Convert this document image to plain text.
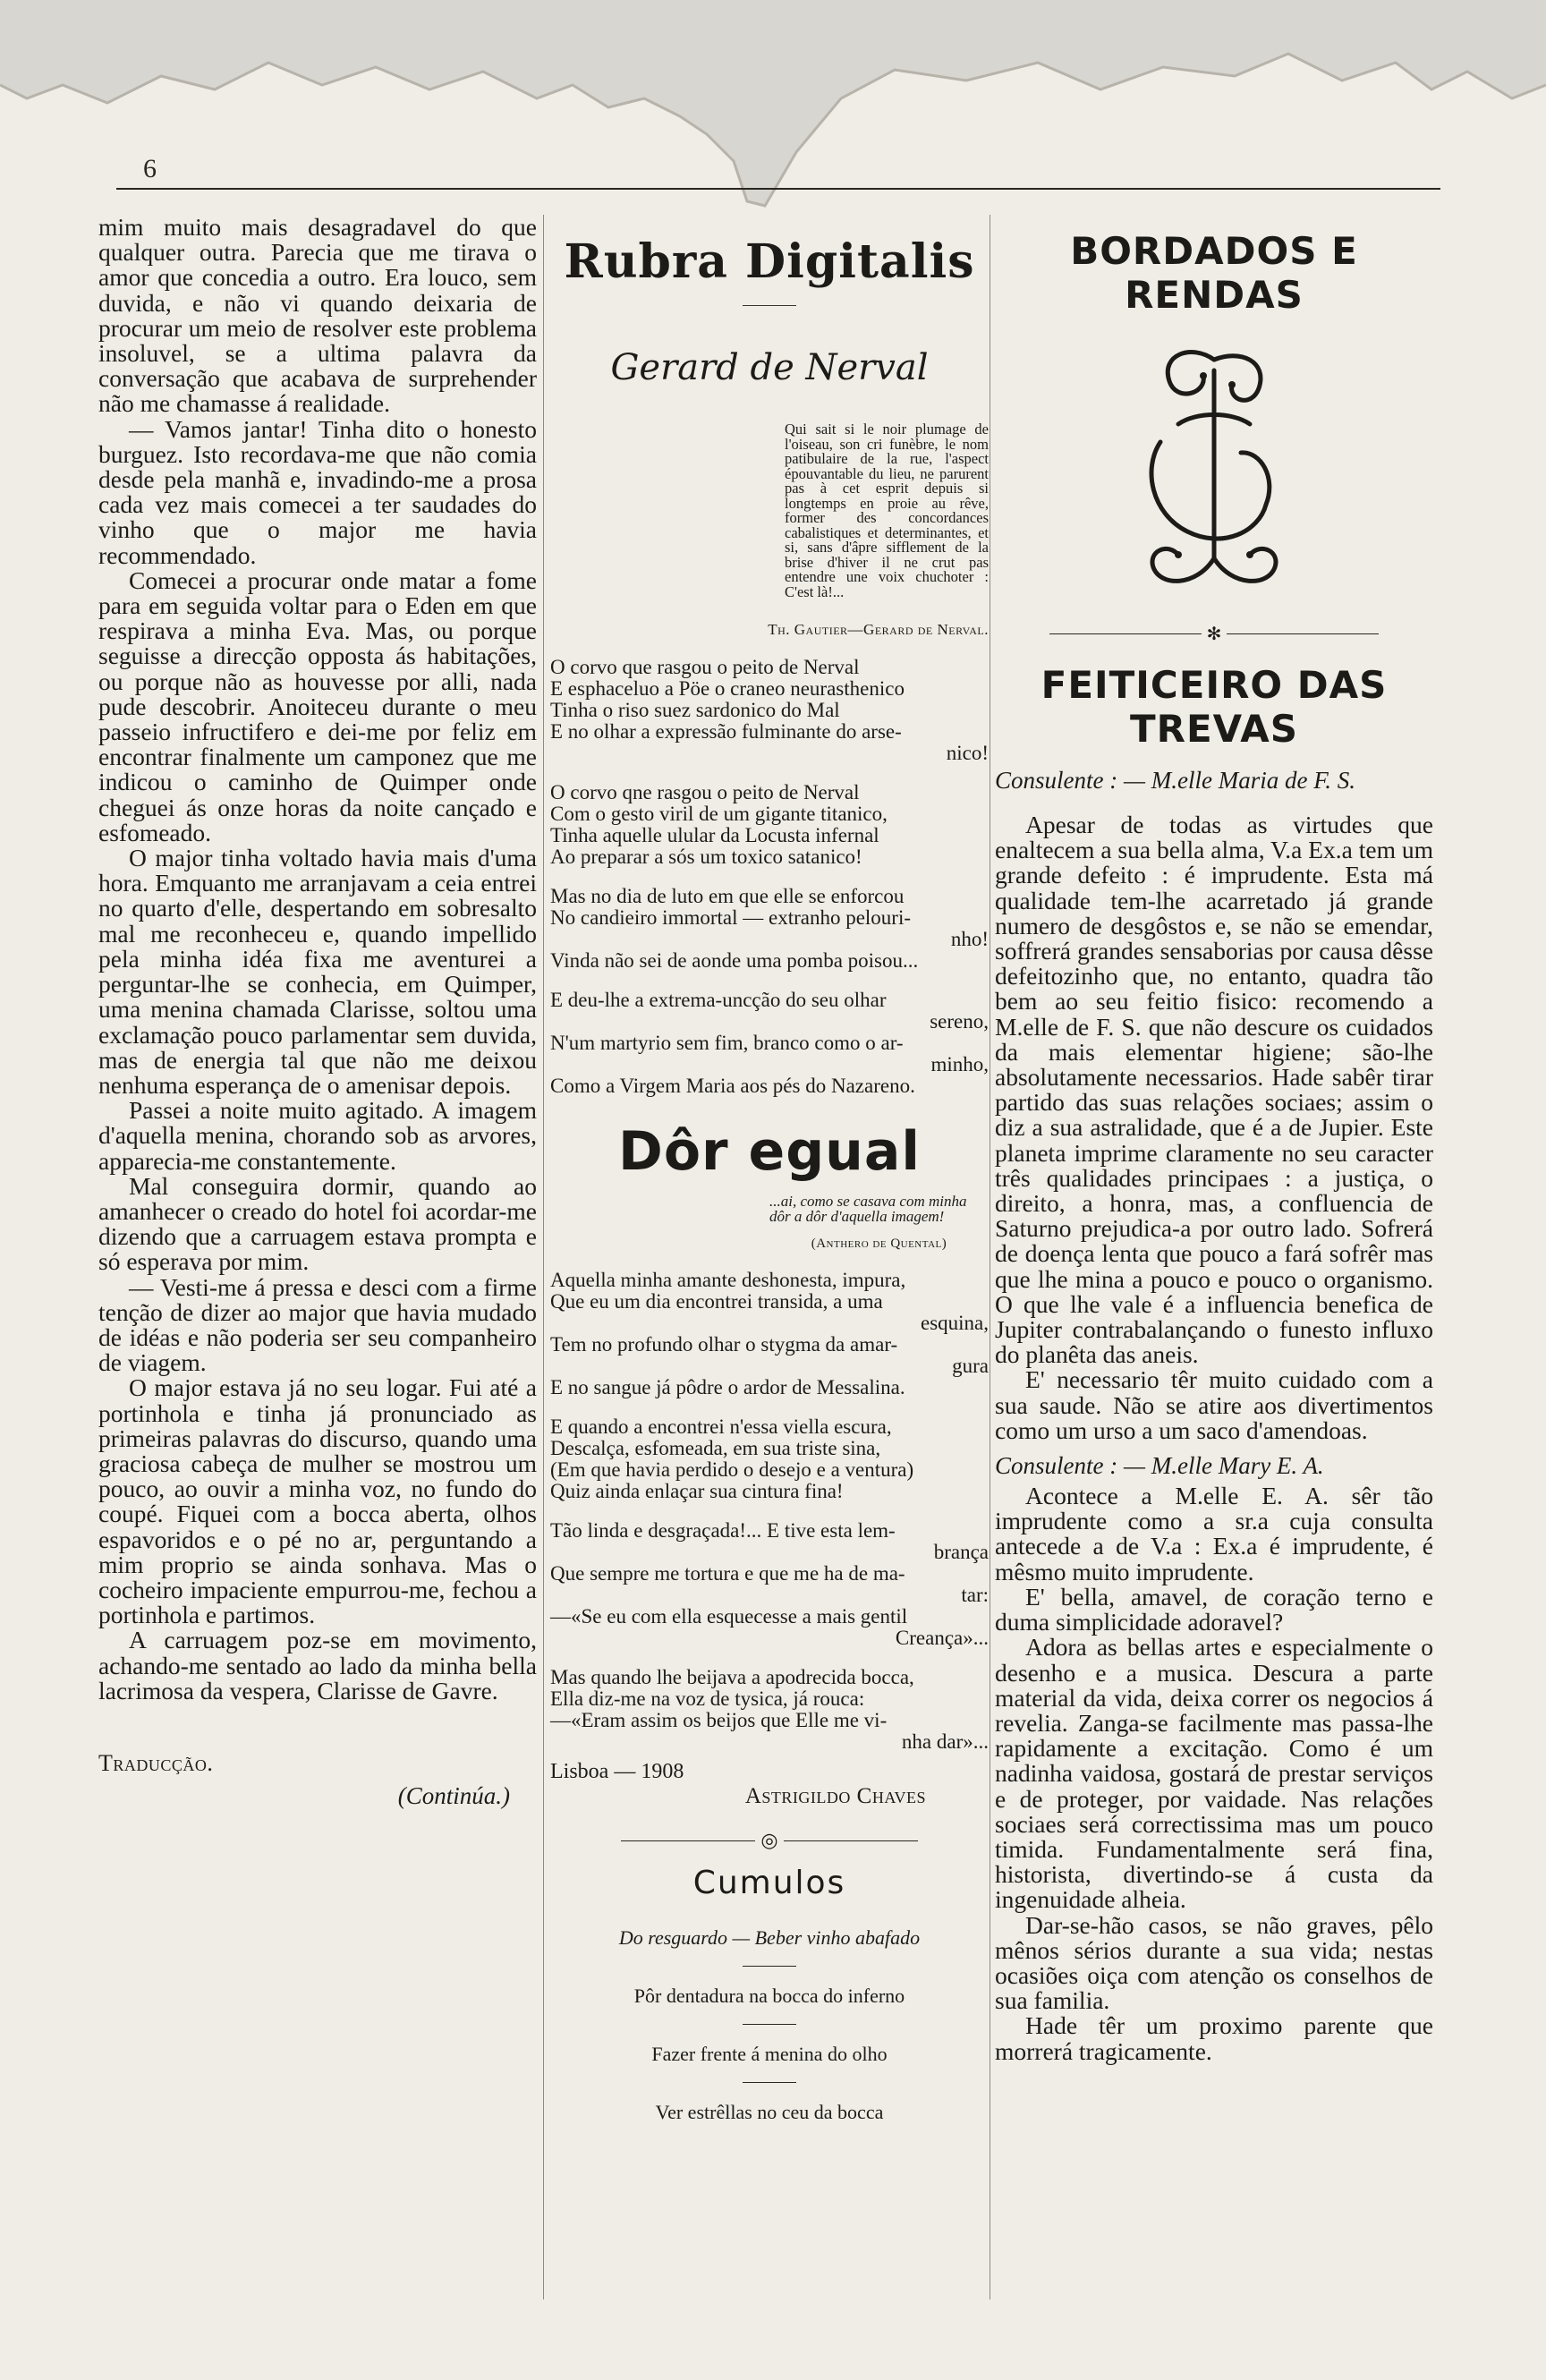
6

mim muito mais desagradavel do que qualquer outra. Parecia que me tirava o amor que concedia a outro. Era louco, sem duvida, e não vi quando deixaria de procurar um meio de resolver este problema insoluvel, se a ultima palavra da conversação que acabava de surprehender não me chamasse á realidade.

— Vamos jantar! Tinha dito o honesto burguez. Isto recordava-me que não comia desde pela manhã e, invadindo-me a prosa cada vez mais comecei a ter saudades do vinho que o major me havia recommendado.

Comecei a procurar onde matar a fome para em seguida voltar para o Eden em que respirava a minha Eva. Mas, ou porque seguisse a direcção opposta ás habitações, ou porque não as houvesse por alli, nada pude descobrir. Anoiteceu durante o meu passeio infructifero e dei-me por feliz em encontrar finalmente um camponez que me indicou o caminho de Quimper onde cheguei ás onze horas da noite cançado e esfomeado.

O major tinha voltado havia mais d'uma hora. Emquanto me arranjavam a ceia entrei no quarto d'elle, despertando em sobresalto mal me reconheceu e, quando impellido pela minha idéa fixa me aventurei a perguntar-lhe se conhecia, em Quimper, uma menina chamada Clarisse, soltou uma exclamação pouco parlamentar sem duvida, mas de energia tal que não me deixou nenhuma esperança de o amenisar depois.

Passei a noite muito agitado. A imagem d'aquella menina, chorando sob as arvores, apparecia-me constantemente.

Mal conseguira dormir, quando ao amanhecer o creado do hotel foi acordar-me dizendo que a carruagem estava prompta e só esperava por mim.

— Vesti-me á pressa e desci com a firme tenção de dizer ao major que havia mudado de idéas e não poderia ser seu companheiro de viagem.

O major estava já no seu logar. Fui até a portinhola e tinha já pronunciado as primeiras palavras do discurso, quando uma graciosa cabeça de mulher se mostrou um pouco, ao ouvir a minha voz, no fundo do coupé. Fiquei com a bocca aberta, olhos espavoridos e o pé no ar, perguntando a mim proprio se ainda sonhava. Mas o cocheiro impaciente empurrou-me, fechou a portinhola e partimos.

A carruagem poz-se em movimento, achando-me sentado ao lado da minha bella lacrimosa da vespera, Clarisse de Gavre.

Traducção.
(Continúa.)
Rubra Digitalis
Gerard de Nerval
Qui sait si le noir plumage de l'oiseau, son cri funèbre, le nom patibulaire de la rue, l'aspect épouvantable du lieu, ne parurent pas à cet esprit depuis si longtemps en proie au rêve, former des concordances cabalistiques et determinantes, et si, sans d'âpre sifflement de la brise d'hiver il ne crut pas entendre une voix chuchoter : C'est là!...
Th. Gautier—Gerard de Nerval.
O corvo que rasgou o peito de Nerval
E esphaceluo a Pöe o craneo neurasthenico
Tinha o riso suez sardonico do Mal
E no olhar a expressão fulminante do arse-
nico!
O corvo qne rasgou o peito de Nerval
Com o gesto viril de um gigante titanico,
Tinha aquelle ulular da Locusta infernal
Ao preparar a sós um toxico satanico!
Mas no dia de luto em que elle se enforcou
No candieiro immortal — extranho pelouri-
nho!
Vinda não sei de aonde uma pomba poisou...
E deu-lhe a extrema-uncção do seu olhar
sereno,
N'um martyrio sem fim, branco como o ar-
minho,
Como a Virgem Maria aos pés do Nazareno.
Dôr egual
...ai, como se casava com minha dôr a dôr d'aquella imagem!
(Anthero de Quental)
Aquella minha amante deshonesta, impura,
Que eu um dia encontrei transida, a uma
esquina,
Tem no profundo olhar o stygma da amar-
gura
E no sangue já pôdre o ardor de Messalina.
E quando a encontrei n'essa viella escura,
Descalça, esfomeada, em sua triste sina,
(Em que havia perdido o desejo e a ventura)
Quiz ainda enlaçar sua cintura fina!
Tão linda e desgraçada!... E tive esta lem-
brança
Que sempre me tortura e que me ha de ma-
tar:
—«Se eu com ella esquecesse a mais gentil
Creança»...
Mas quando lhe beijava a apodrecida bocca,
Ella diz-me na voz de tysica, já rouca:
—«Eram assim os beijos que Elle me vi-
nha dar»...
Lisboa — 1908
Astrigildo Chaves
◎
Cumulos
Do resguardo — Beber vinho abafado
Pôr dentadura na bocca do inferno
Fazer frente á menina do olho
Ver estrêllas no ceu da bocca
BORDADOS E RENDAS
✻
FEITICEIRO DAS TREVAS
Consulente : — M.elle Maria de F. S.

Apesar de todas as virtudes que enaltecem a sua bella alma, V.a Ex.a tem um grande defeito : é imprudente. Esta má qualidade tem-lhe acarretado já grande numero de desgôstos e, se não se emendar, soffrerá grandes sensaborias por causa dêsse defeitozinho que, no entanto, quadra tão bem ao seu feitio fisico: recomendo a M.elle de F. S. que não descure os cuidados da mais elementar higiene; são-lhe absolutamente necessarios. Hade sabêr tirar partido das suas relações sociaes; assim o diz a sua astralidade, que é a de Jupier. Este planeta imprime claramente no seu caracter três qualidades principaes : a justiça, o direito, a honra, mas, a confluencia de Saturno prejudica-a por outro lado. Sofrerá de doença lenta que pouco a fará sofrêr mas que lhe mina a pouco e pouco o organismo. O que lhe vale é a influencia benefica de Jupiter contrabalançando o funesto influxo do planêta das aneis.

E' necessario têr muito cuidado com a sua saude. Não se atire aos divertimentos como um urso a um saco d'amendoas.

Consulente : — M.elle Mary E. A.

Acontece a M.elle E. A. sêr tão imprudente como a sr.a cuja consulta antecede a de V.a : Ex.a é imprudente, é mêsmo muito imprudente.

E' bella, amavel, de coração terno e duma simplicidade adoravel?

Adora as bellas artes e especialmente o desenho e a musica. Descura a parte material da vida, deixa correr os negocios á revelia. Zanga-se facilmente mas passa-lhe rapidamente a excitação. Como é um nadinha vaidosa, gostará de prestar serviços e de proteger, por vaidade. Nas relações sociaes será correctissima mas um pouco timida. Fundamentalmente será fina, historista, divertindo-se á custa da ingenuidade alheia.

Dar-se-hão casos, se não graves, pêlo mênos sérios durante a sua vida; nestas ocasiões oiça com atenção os conselhos de sua familia.

Hade têr um proximo parente que morrerá tragicamente.
